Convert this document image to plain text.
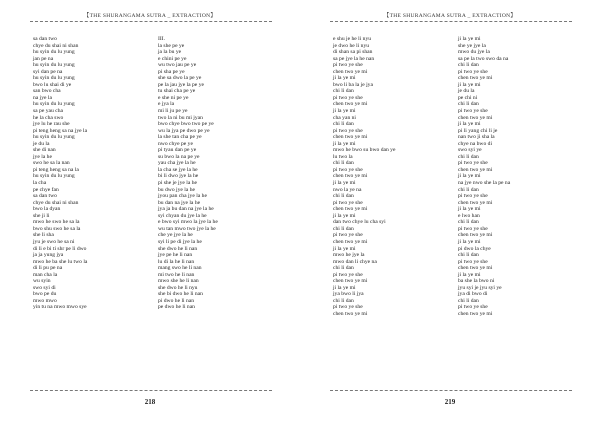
【THE SHURANGAMA SUTRA _ EXTRACTION】
sa dan two
chye du shai ni shan
hu syin du lu yung
jan pe na
hu syin du lu yung
syi dan pe na
hu syin du lu yung
bwo lu shai di ye
san bwo cha
na jye la
hu syin du lu yung
sa pe yau cha
he la cha swo
jye lu he rau she
pi teng heng sa na jye la
hu syin du lu yung
je du la
she di nan
jye la he
swo he sa la nan
pi teng heng sa na la
hu syin du lu yung
la cha
pe chye fan
sa dan two
chye du shai ni shan
bwo la dyan
she ji li
mwo he swo he sa la
bwo shu swo he sa la
she li sha
jyu je swo he sa ni
di li e bi ti shr pe li dwo
ja ja yung jya
mwo he ba she lu two la
di li pu pe na
man cha la
wu syin
swo syi di
bwo pe du
mwo mwo
yin tu na mwo mwo sye
III.
la she pe ye
ja la bu ye
e chini pe ye
wu two jau pe ye
pi sha pe ye
she sa dwo la pe ye
pe la jau jye la pe ye
tu shai cha pe ye
e she ni pe ye
e jya la
mi li ju pe ye
two la ni bu mi jyan
bwo chye bwo two pe ye
wu la jya pe dwo pe ye
la she tan cha pe ye
nwo chye pe ye
pi tyau dan pe ye
su bwo la na pe ye
yau cha jye la he
la cha se jye la he
bi li dwo jye la he
pi she je jye la he
bu dwo jye la he
jyou pan cha jye la he
bu dan na jye la he
jya ja bu dan na jye la he
syi chyan du jye la he
e bwo syi mwo la jye la he
wu tan mwo two jye la he
che ye jye la he
syi li pe di jye la he
she dwo he li nan
jye pe he li nan
lu di la he li nan
mang swo he li nan
mi two he li nan
mwo she he li nan
she dwo he li nyu
she bi dwo he li nan
pi dwo he li nan
pe dwo he li nan
218
【THE SHURANGAMA SUTRA _ EXTRACTION】
e shu je he li nyu
je dwo he li nyu
di shan sa pi shan
sa pe jye la he nan
pi two ye she
chen two ye mi
ji la ye mi
bwo li ba la je jya
chi li dan
pi two ye she
chen two ye mi
ji la ye mi
cha yan ni
chi li dan
pi two ye she
chen two ye mi
ji la ye mi
mwo he bwo su bwo dan ye
lu two la
chi li dan
pi two ye she
chen two ye mi
ji la ye mi
nwo la ye na
chi li dan
pi two ye she
chen two ye mi
ji la ye mi
dan two chye lu cha syi
chi li dan
pi two ye she
chen two ye mi
ji la ye mi
mwo he jye la
mwo dan li chye na
chi li dan
pi two ye she
chen two ye mi
ji la ye mi
jya bwo li jya
chi li dan
pi two ye she
chen two ye mi
ji la ye mi
she ye jye la
mwo du jye la
sa pe la two swo da na
chi li dan
pi two ye she
chen two ye mi
ji la ye mi
je du la
pe chi ni
chi li dan
pi two ye she
chen two ye mi
ji la ye mi
pi li yang chi li je
nan two ji sha la
chye na bwo di
swo syi ye
chi li dan
pi two ye she
chen two ye mi
ji la ye mi
na jye nwo she la pe na
chi li dan
pi two ye she
chen two ye mi
ji la ye mi
e lwo han
chi li dan
pi two ye she
chen two ye mi
ji la ye mi
pi dwo la chye
chi li dan
pi two ye she
chen two ye mi
ji la ye mi
ba she la bwo ni
jyu syi je jyu syi ye
jya di bwo di
chi li dan
pi two ye she
chen two ye mi
219
